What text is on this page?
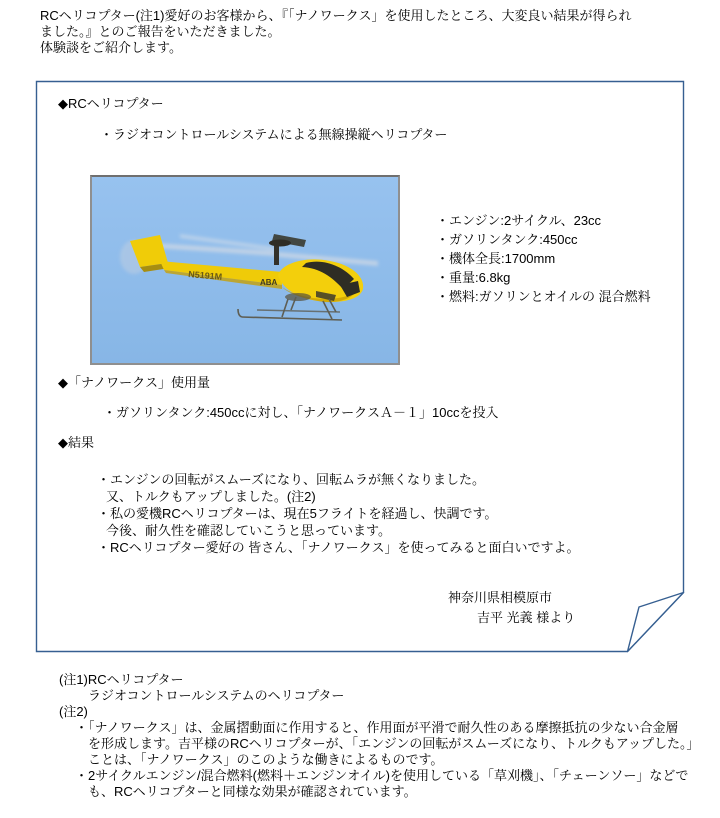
RCヘリコプター(注1)愛好のお客様から、『「ナノワークス」を使用したところ、大変良い結果が得られ
ました。』とのご報告をいただきました。
体験談をご紹介します。
◆RCヘリコプター
・ラジオコントロールシステムによる無線操縦ヘリコプター
N5191M
ABA
・エンジン:2サイクル、23cc
・ガソリンタンク:450cc
・機体全長:1700mm
・重量:6.8kg
・燃料:ガソリンとオイルの 混合燃料
◆「ナノワークス」使用量
・ガソリンタンク:450ccに対し、「ナノワークスＡ－１」10ccを投入
◆結果
・エンジンの回転がスムーズになり、回転ムラが無くなりました。
又、トルクもアップしました。(注2)
・私の愛機RCヘリコプターは、現在5フライトを経過し、快調です。
今後、耐久性を確認していこうと思っています。
・RCヘリコプター愛好の 皆さん、「ナノワークス」を使ってみると面白いですよ。
神奈川県相模原市
吉平 光義 様より
(注1)RCヘリコプター
ラジオコントロールシステムのヘリコプター
(注2)
・「ナノワークス」は、金属摺動面に作用すると、作用面が平滑で耐久性のある摩擦抵抗の少ない合金層
を形成します。吉平様のRCヘリコプターが、「エンジンの回転がスムーズになり、トルクもアップした。」
ことは、「ナノワークス」のこのような働きによるものです。
・2サイクルエンジン/混合燃料(燃料＋エンジンオイル)を使用している「草刈機」、「チェーンソー」などで
も、RCヘリコプターと同様な効果が確認されています。
